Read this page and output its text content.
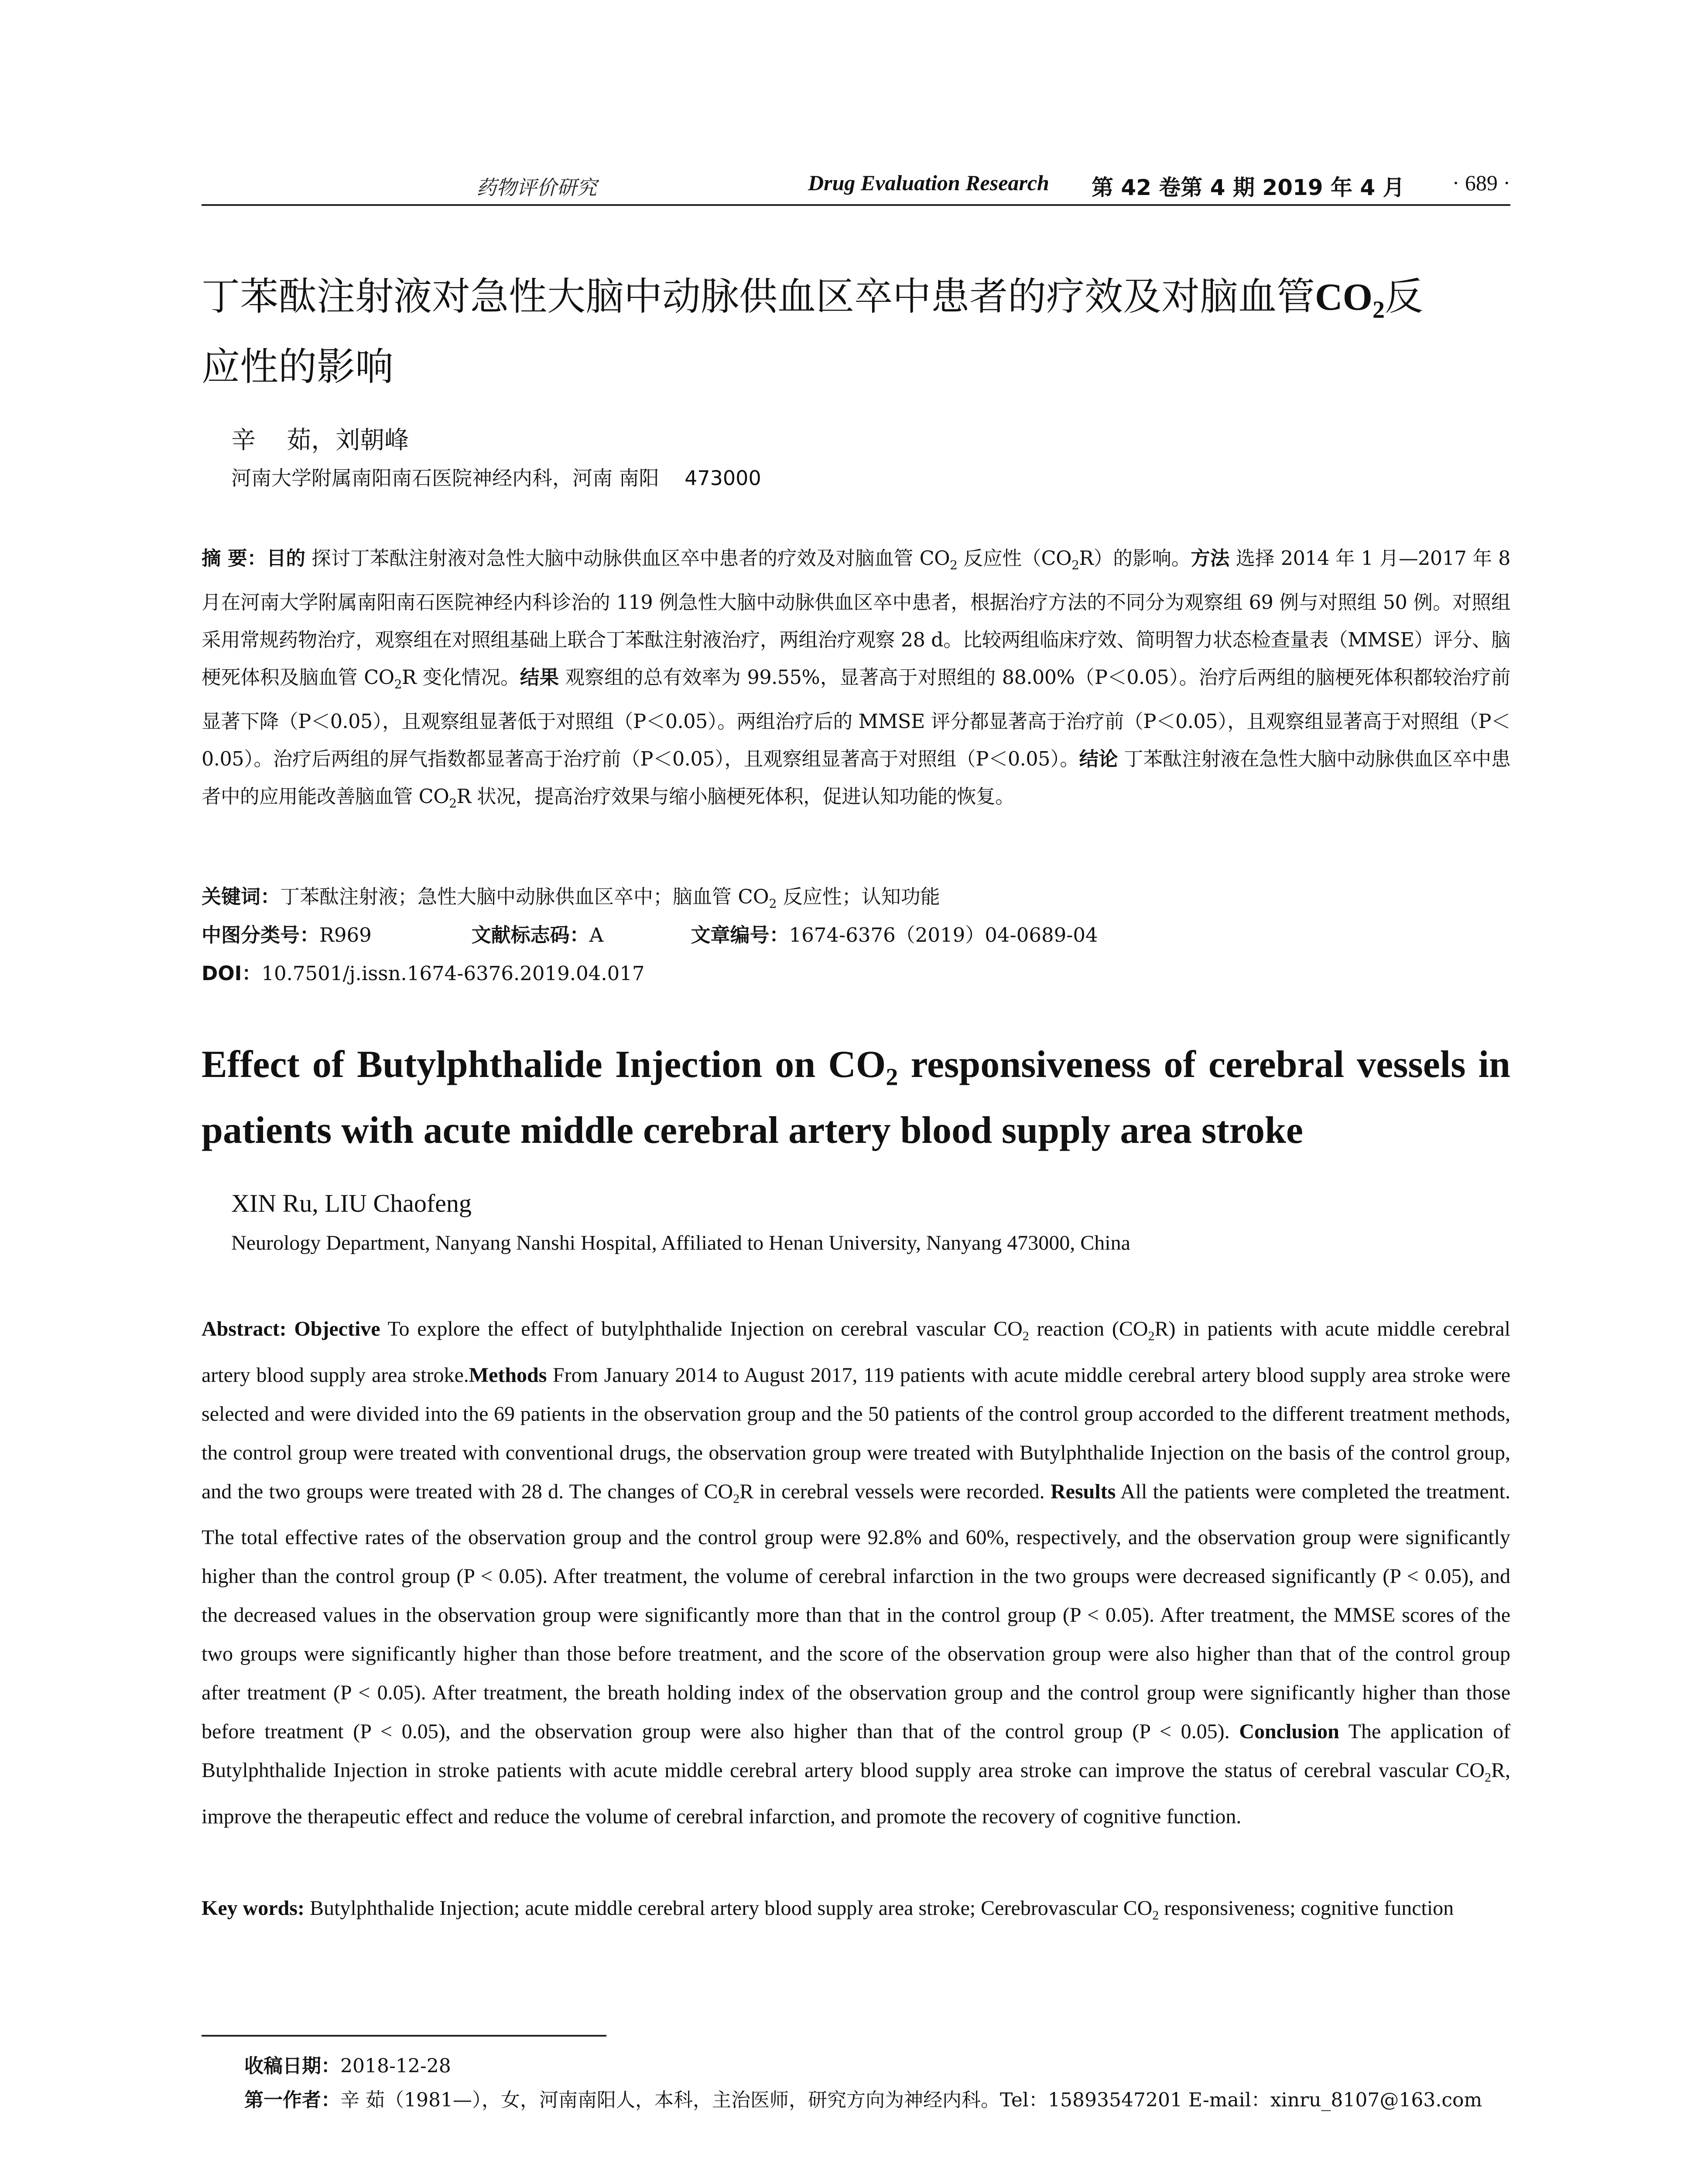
药物评价研究	Drug Evaluation Research 第 42 卷第 4 期 2019 年 4 月 · 689 ·
丁苯酞注射液对急性大脑中动脉供血区卒中患者的疗效及对脑血管$CO_2$反
应性的影响
辛    茹，刘朝峰
河南大学附属南阳南石医院神经内科，河南 南阳    473000
摘 要：目的 探讨丁苯酞注射液对急性大脑中动脉供血区卒中患者的疗效及对脑血管 $CO_2$ 反应性$(CO_2R)$的影响。方法 选择 2014 年 1 月—2017 年 8 月在河南大学附属南阳南石医院神经内科诊治的 119 例急性大脑中动脉供血区卒中患者，根据治疗方法的不同分为观察组 69 例与对照组 50 例。对照组采用常规药物治疗，观察组在对照组基础上联合丁苯酞注射液治疗，两组治疗观察 28 d。比较两组临床疗效、简明智力状态检查量表（MMSE）评分、脑梗死体积及脑血管 $CO_2R$ 变化情况。结果 观察组的总有效率为 99.55%，显著高于对照组的 88.00%（P＜0.05）。治疗后两组的脑梗死体积都较治疗前显著下降（P＜0.05），且观察组显著低于对照组（P＜0.05）。两组治疗后的 MMSE 评分都显著高于治疗前（P＜0.05），且观察组显著高于对照组（P＜0.05）。治疗后两组的屏气指数都显著高于治疗前（P＜0.05），且观察组显著高于对照组（P＜0.05）。结论 丁苯酞注射液在急性大脑中动脉供血区卒中患者中的应用能改善脑血管 $CO_2R$ 状况，提高治疗效果与缩小脑梗死体积，促进认知功能的恢复。
关键词：丁苯酞注射液；急性大脑中动脉供血区卒中；脑血管 $CO_2$ 反应性；认知功能
中图分类号：R969	文献标志码：A	文章编号：1674-6376（2019）04-0689-04
DOI：10.7501/j.issn.1674-6376.2019.04.017
Effect of Butylphthalide Injection on $CO_2$ responsiveness of cerebral vessels in
patients with acute middle cerebral artery blood supply area stroke
XIN Ru, LIU Chaofeng
Neurology Department, Nanyang Nanshi Hospital, Affiliated to Henan University, Nanyang 473000, China
Abstract: Objective To explore the effect of butylphthalide Injection on cerebral vascular $CO_2$ reaction $(CO_2R)$ in patients with acute middle cerebral artery blood supply area stroke.Methods From January 2014 to August 2017, 119 patients with acute middle cerebral artery blood supply area stroke were selected and were divided into the 69 patients in the observation group and the 50 patients of the control group accorded to the different treatment methods, the control group were treated with conventional drugs, the observation group were treated with Butylphthalide Injection on the basis of the control group, and the two groups were treated with 28 d. The changes of $CO_2R$ in cerebral vessels were recorded. Results All the patients were completed the treatment. The total effective rates of the observation group and the control group were 92.8% and 60%, respectively, and the observation group were significantly higher than the control group (P < 0.05). After treatment, the volume of cerebral infarction in the two groups were decreased significantly (P < 0.05), and the decreased values in the observation group were significantly more than that in the control group (P < 0.05). After treatment, the MMSE scores of the two groups were significantly higher than those before treatment, and the score of the observation group were also higher than that of the control group after treatment (P < 0.05). After treatment, the breath holding index of the observation group and the control group were significantly higher than those before treatment (P < 0.05), and the observation group were also higher than that of the control group (P < 0.05). Conclusion The application of Butylphthalide Injection in stroke patients with acute middle cerebral artery blood supply area stroke can improve the status of cerebral vascular $CO_2R$, improve the therapeutic effect and reduce the volume of cerebral infarction, and promote the recovery of cognitive function.
Key words: Butylphthalide Injection; acute middle cerebral artery blood supply area stroke; Cerebrovascular $CO_2$ responsiveness; cognitive function
收稿日期：2018-12-28
第一作者：辛 茹（1981—），女，河南南阳人，本科，主治医师，研究方向为神经内科。Tel：15893547201 E-mail：xinru_8107@163.com
